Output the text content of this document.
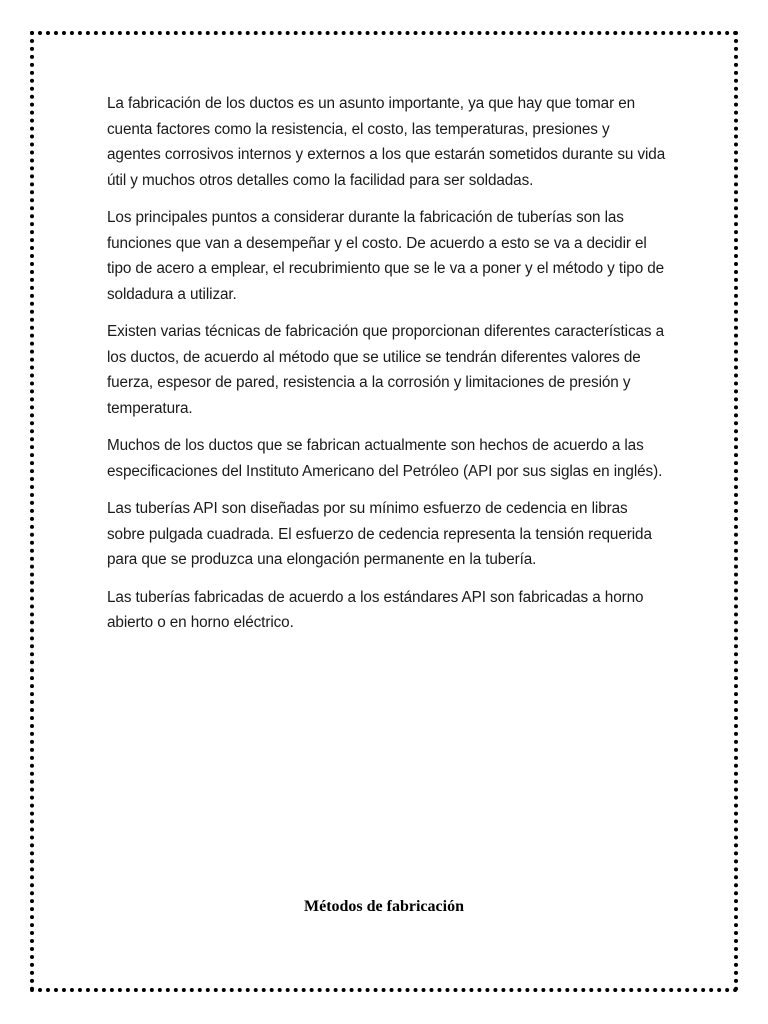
La fabricación de los ductos es un asunto importante, ya que hay que tomar en cuenta factores como la resistencia, el costo, las temperaturas, presiones y agentes corrosivos internos y externos a los que estarán sometidos durante su vida útil y muchos otros detalles como la facilidad para ser soldadas.

Los principales puntos a considerar durante la fabricación de tuberías son las funciones que van a desempeñar y el costo. De acuerdo a esto se va a decidir el tipo de acero a emplear, el recubrimiento que se le va a poner y el método y tipo de soldadura a utilizar.

Existen varias técnicas de fabricación que proporcionan diferentes características a los ductos, de acuerdo al método que se utilice se tendrán diferentes valores de fuerza, espesor de pared, resistencia a la corrosión y limitaciones de presión y temperatura.

Muchos de los ductos que se fabrican actualmente son hechos de acuerdo a las especificaciones del Instituto Americano del Petróleo (API por sus siglas en inglés).

Las tuberías API son diseñadas por su mínimo esfuerzo de cedencia en libras sobre pulgada cuadrada. El esfuerzo de cedencia representa la tensión requerida para que se produzca una elongación permanente en la tubería.

Las tuberías fabricadas de acuerdo a los estándares API son fabricadas a horno abierto o en horno eléctrico.

Métodos de fabricación
